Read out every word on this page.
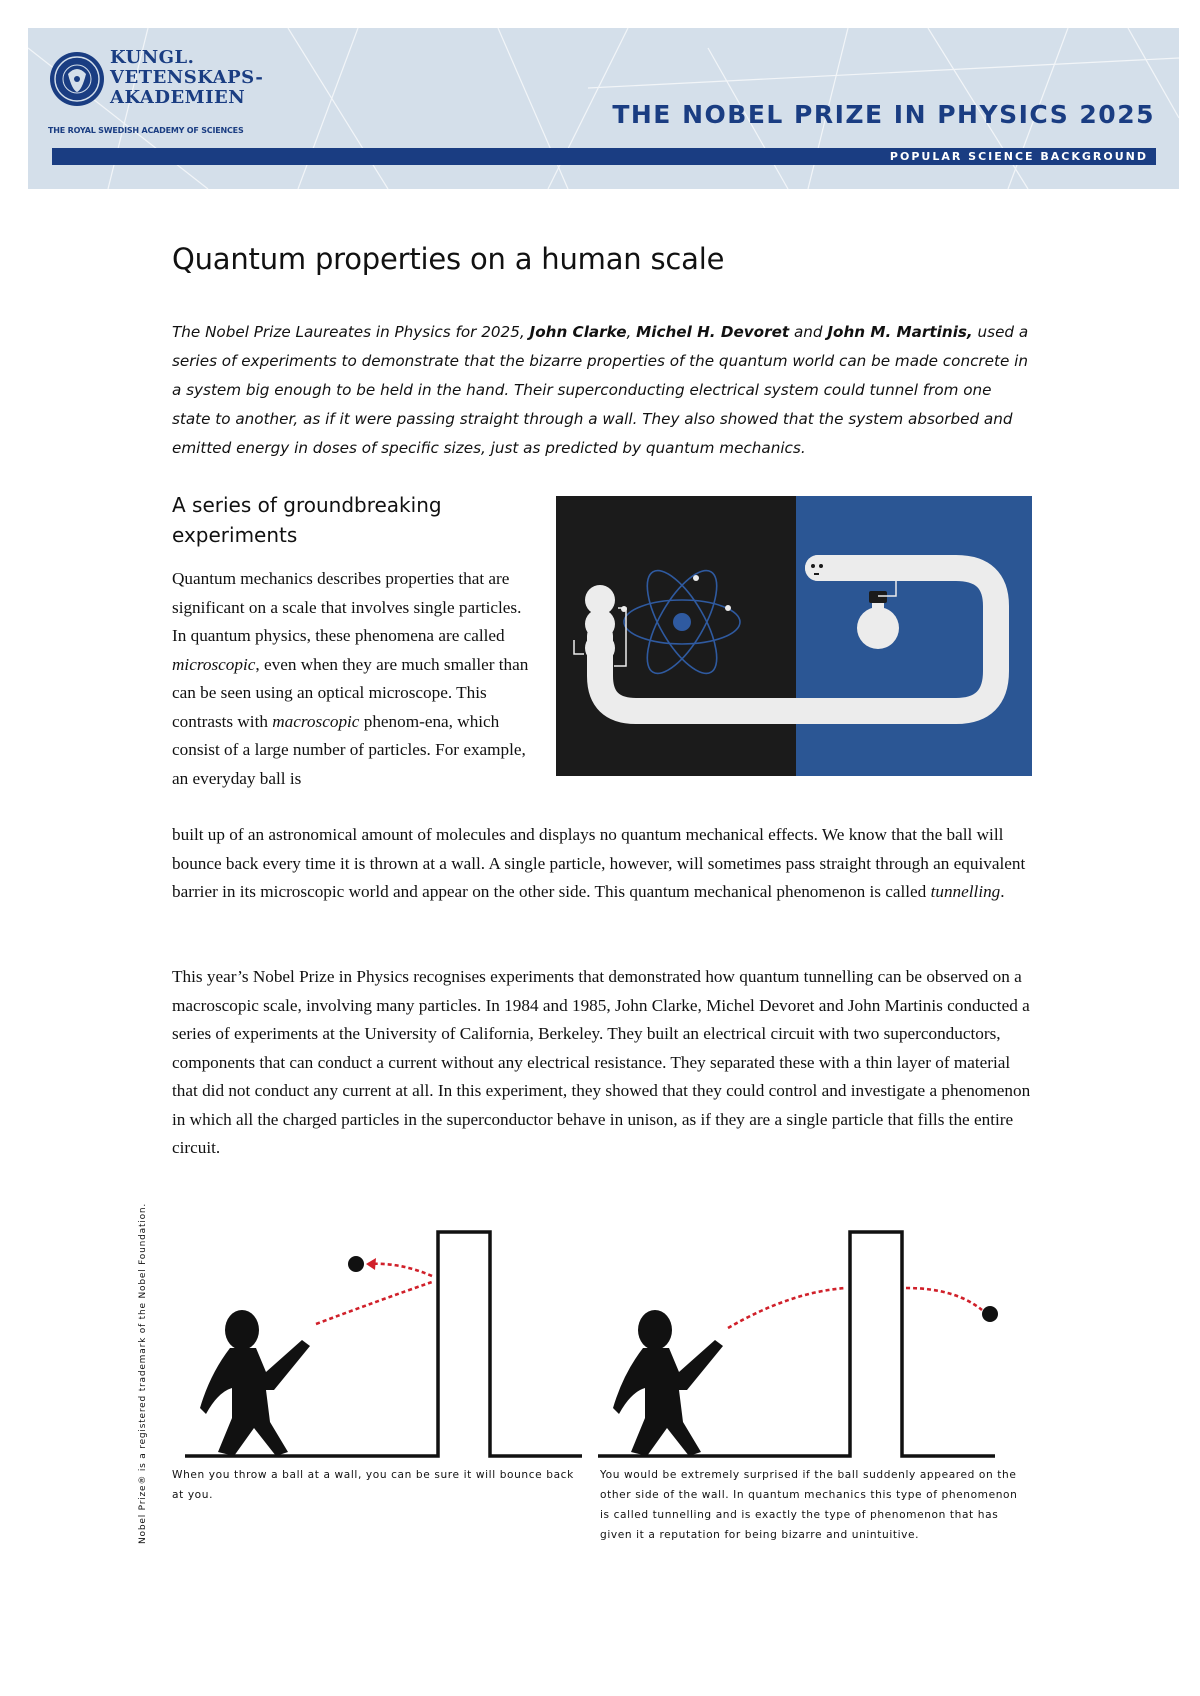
KUNGL.
VETENSKAPS-
AKADEMIEN
THE ROYAL SWEDISH ACADEMY OF SCIENCES
THE NOBEL PRIZE IN PHYSICS 2025
POPULAR SCIENCE BACKGROUND
Quantum properties on a human scale

The Nobel Prize Laureates in Physics for 2025, John Clarke, Michel H. Devoret and John M. Martinis, used a series of experiments to demonstrate that the bizarre properties of the quantum world can be made concrete in a system big enough to be held in the hand. Their superconducting electrical system could tunnel from one state to another, as if it were passing straight through a wall. They also showed that the system absorbed and emitted energy in doses of specific sizes, just as predicted by quantum mechanics.

A series of groundbreaking experiments

Quantum mechanics describes properties that are significant on a scale that involves single particles. In quantum physics, these phenomena are called microscopic, even when they are much smaller than can be seen using an optical microscope. This contrasts with macroscopic phenom-ena, which consist of a large number of particles. For example, an everyday ball is

built up of an astronomical amount of molecules and displays no quantum mechanical effects. We know that the ball will bounce back every time it is thrown at a wall. A single particle, however, will sometimes pass straight through an equivalent barrier in its microscopic world and appear on the other side. This quantum mechanical phenomenon is called tunnelling.

This year’s Nobel Prize in Physics recognises experiments that demonstrated how quantum tunnelling can be observed on a macroscopic scale, involving many particles. In 1984 and 1985, John Clarke, Michel Devoret and John Martinis conducted a series of experiments at the University of California, Berkeley. They built an electrical circuit with two superconductors, components that can conduct a current without any electrical resistance. They separated these with a thin layer of material that did not conduct any current at all. In this experiment, they showed that they could control and investigate a phenomenon in which all the charged particles in the superconductor behave in unison, as if they are a single particle that fills the entire circuit.

When you throw a ball at a wall, you can be sure it will bounce back at you.

You would be extremely surprised if the ball suddenly appeared on the other side of the wall. In quantum mechanics this type of phenomenon is called tunnelling and is exactly the type of phenomenon that has given it a reputation for being bizarre and unintuitive.

Nobel Prize® is a registered trademark of the Nobel Foundation.
